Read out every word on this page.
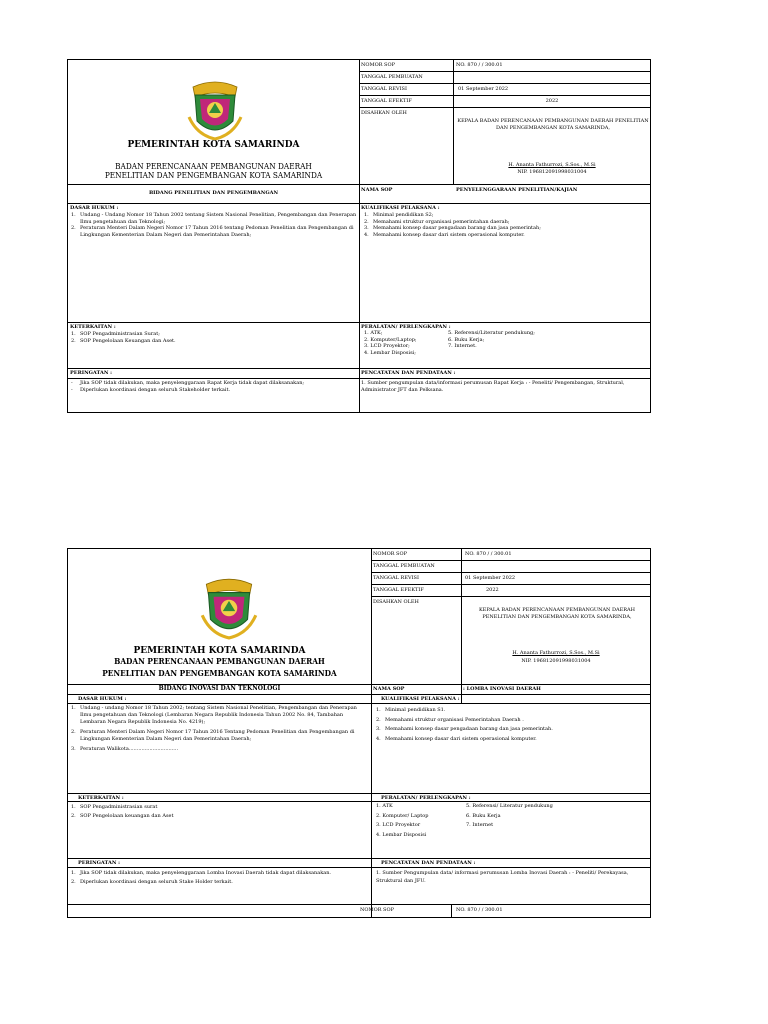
PEMERINTAH KOTA SAMARINDA
BADAN PERENCANAAN PEMBANGUNAN DAERAH
PENELITIAN DAN PENGEMBANGAN KOTA SAMARINDA
BIDANG PENELITIAN DAN PENGEMBANGAN
NOMOR SOP	NO. 870 / / 300.01
TANGGAL PEMBUATAN
TANGGAL REVISI	01 September 2022
TANGGAL EFEKTIF	2022
DISAHKAN OLEH
KEPALA BADAN PERENCANAAN PEMBANGUNAN DAERAH PENELITIAN DAN PENGEMBANGAN KOTA SAMARINDA,
H. Ananta Fathurrozi, S.Sos., M.Si
NIP. 196812091998031004
NAMA SOP	PENYELENGGARAAN PENELITIAN/KAJIAN
DASAR HUKUM :
1. Undang - Undang Nomor 18 Tahun 2002 tentang Sistem Nasional Penelitian, Pengembangan dan Penerapan Ilmu pengetahuan dan Teknologi;
2. Peraturan Menteri Dalam Negeri Nomor 17 Tahun 2016 tentang Pedoman Penelitian dan Pengembangan di Lingkungan Kementerian Dalam Negeri dan Pemerintahan Daerah;
KUALIFIKASI PELAKSANA :
1. Minimal pendidikan S2;
2. Memahami struktur organisasi pemerintahan daerah;
3. Memahami konsep dasar pengadaan barang dan jasa pemerintah;
4. Memahami konsep dasar dari sistem operasional komputer.
KETERKAITAN :
1. SOP Pengadministrasian Surat;
2. SOP Pengelolaan Keuangan dan Aset.
PERALATAN/ PERLENGKAPAN :
1. ATK;
2. Komputer/Laptop;
3. LCD Proyektor;
4. Lembar Disposisi;
5. Referensi/Literatur pendukung;
6. Buku Kerja;
7. Internet.
PERINGATAN :
- Jika SOP tidak dilakukan, maka penyelenggaraan Rapat Kerja tidak dapat dilaksanakan;
- Diperlukan koordinasi dengan seluruh Stakeholder terkait.
PENCATATAN DAN PENDATAAN :
1. Sumber pengumpulan data/informasi perumusan Rapat Kerja : - Peneliti/ Pengembangan, Struktural, Administrator JFT dan Pelksana.
PEMERINTAH KOTA SAMARINDA
BADAN PERENCANAAN PEMBANGUNAN DAERAH
PENELITIAN DAN PENGEMBANGAN KOTA SAMARINDA
BIDANG INOVASI DAN TEKNOLOGI
NOMOR SOP	NO. 870 / / 300.01
TANGGAL PEMBUATAN
TANGGAL REVISI	01 September 2022
TANGGAL EFEKTIF	2022
DISAHKAN OLEH
KEPALA BADAN PERENCANAAN PEMBANGUNAN DAERAH PENELITIAN DAN PENGEMBANGAN KOTA SAMARINDA,
H. Ananta Fathurrozi, S.Sos., M.Si
NIP. 196812091998031004
NAMA SOP	: LOMBA INOVASI DAERAH
DASAR HUKUM :
1. Undang - undang Nomor 18 Tahun 2002; tentang Sistem Nasional Penelitian, Pengembangan dan Penerapan Ilmu pengetahuan dan Teknologi (Lembaran Negara Republik Indonesia Tahun 2002 No. 84, Tambahan Lembaran Negara Republik Indonesia No. 4219);
2. Peraturan Menteri Dalam Negeri Nomor 17 Tahun 2016 Tentang Pedoman Penelitian dan Pengembangan di Lingkungan Kementerian Dalam Negeri dan Pemerintahan Daerah;
3. Peraturan Walikota...............................
KUALIFIKASI PELAKSANA :
1. Minimal pendidikan S1.
2. Memahami struktur organisasi Pemerintahan Daerah .
3. Memahami konsep dasar pengadaan barang dan jasa pemerintah.
4. Memahami konsep dasar dari sistem operasional komputer.
KETERKAITAN :
1. SOP Pengadministrasian surat
2. SOP Pengelolaan keuangan dan Aset
PERALATAN/ PERLENGKAPAN :
1. ATK
2. Komputer/ Laptop
3. LCD Proyektor
4. Lembar Disposisi
5. Referensi/ Literatur pendukung
6. Buku Kerja
7. Internet
PERINGATAN :
1. Jika SOP tidak dilakukan, maka penyelenggaraan Lomba Inovasi Daerah tidak dapat dilaksanakan.
2. Diperlukan koordinasi dengan seluruh Stake Holder terkait.
PENCATATAN DAN PENDATAAN :
1. Sumber Pengumpulan data/ informasi perumusan Lomba Inovasi Daerah : - Peneliti/ Perekayasa, Struktural dan JFU.
NOMOR SOP	NO. 870 / / 300.01
